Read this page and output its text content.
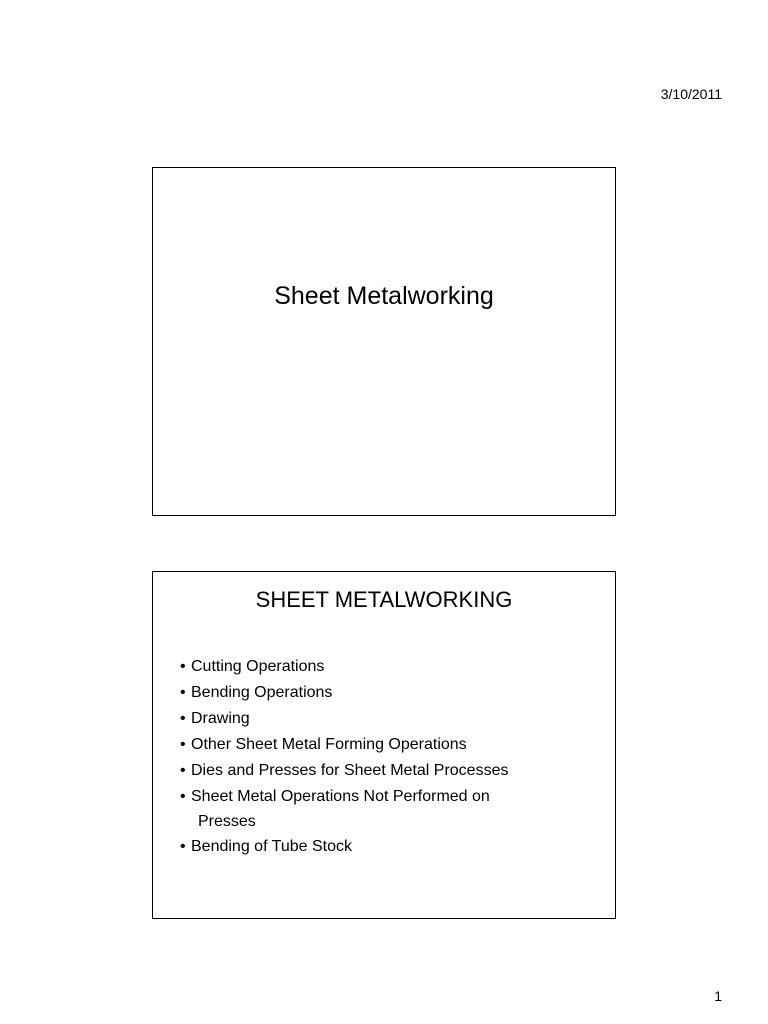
3/10/2011
Sheet Metalworking
SHEET METALWORKING
• Cutting Operations
• Bending Operations
• Drawing
• Other Sheet Metal Forming Operations
• Dies and Presses for Sheet Metal Processes
• Sheet Metal Operations Not Performed on
Presses
• Bending of Tube Stock
1
